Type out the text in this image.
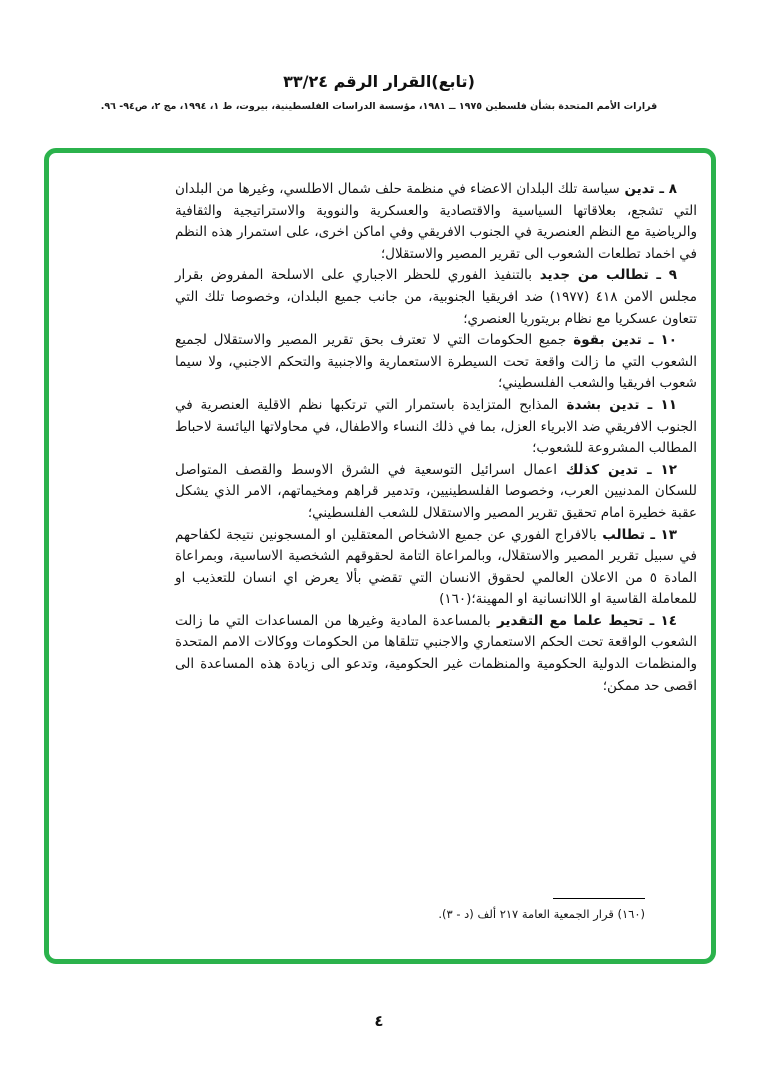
(تابع)القرار الرقم ٣٣/٢٤
قرارات الأمم المتحدة بشأن فلسطين ١٩٧٥ ــ ١٩٨١، مؤسسة الدراسات الفلسطينية، بيروت، ط ١، ١٩٩٤، مج ٢، ص٩٤- ٩٦.

٨ ـ تدين سياسة تلك البلدان الاعضاء في منظمة حلف شمال الاطلسي، وغيرها من البلدان التي تشجع، بعلاقاتها السياسية والاقتصادية والعسكرية والنووية والاستراتيجية والثقافية والرياضية مع النظم العنصرية في الجنوب الافريقي وفي اماكن اخرى، على استمرار هذه النظم في اخماد تطلعات الشعوب الى تقرير المصير والاستقلال؛

٩ ـ تطالب من جديد بالتنفيذ الفوري للحظر الاجباري على الاسلحة المفروض بقرار مجلس الامن ٤١٨ (١٩٧٧) ضد افريقيا الجنوبية، من جانب جميع البلدان، وخصوصا تلك التي تتعاون عسكريا مع نظام بريتوريا العنصري؛

١٠ ـ تدين بقوة جميع الحكومات التي لا تعترف بحق تقرير المصير والاستقلال لجميع الشعوب التي ما زالت واقعة تحت السيطرة الاستعمارية والاجنبية والتحكم الاجنبي، ولا سيما شعوب افريقيا والشعب الفلسطيني؛

١١ ـ تدين بشدة المذابح المتزايدة باستمرار التي ترتكبها نظم الاقلية العنصرية في الجنوب الافريقي ضد الابرياء العزل، بما في ذلك النساء والاطفال، في محاولاتها اليائسة لاحباط المطالب المشروعة للشعوب؛

١٢ ـ تدين كذلك اعمال اسرائيل التوسعية في الشرق الاوسط والقصف المتواصل للسكان المدنيين العرب، وخصوصا الفلسطينيين، وتدمير قراهم ومخيماتهم، الامر الذي يشكل عقبة خطيرة امام تحقيق تقرير المصير والاستقلال للشعب الفلسطيني؛

١٣ ـ تطالب بالافراج الفوري عن جميع الاشخاص المعتقلين او المسجونين نتيجة لكفاحهم في سبيل تقرير المصير والاستقلال، وبالمراعاة التامة لحقوقهم الشخصية الاساسية، وبمراعاة المادة ٥ من الاعلان العالمي لحقوق الانسان التي تقضي بألا يعرض اي انسان للتعذيب او للمعاملة القاسية او اللاانسانية او المهينة؛(١٦٠)

١٤ ـ تحيط علما مع التقدير بالمساعدة المادية وغيرها من المساعدات التي ما زالت الشعوب الواقعة تحت الحكم الاستعماري والاجنبي تتلقاها من الحكومات ووكالات الامم المتحدة والمنظمات الدولية الحكومية والمنظمات غير الحكومية، وتدعو الى زيادة هذه المساعدة الى اقصى حد ممكن؛

(١٦٠) قرار الجمعية العامة ٢١٧ ألف (د - ٣).
٤
